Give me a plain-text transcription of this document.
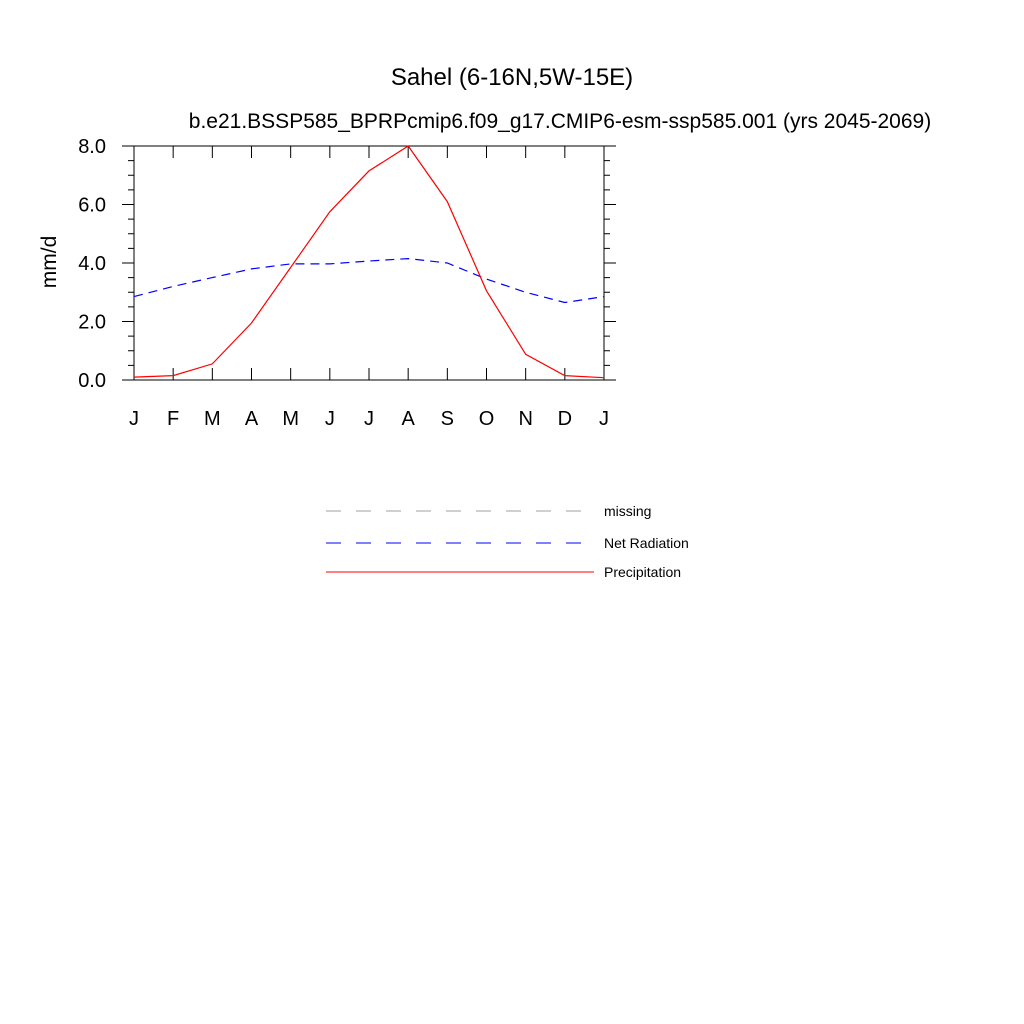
Sahel (6-16N,5W-15E)
b.e21.BSSP585_BPRPcmip6.f09_g17.CMIP6-esm-ssp585.001 (yrs 2045-2069)
mm/d
J F M A M J J A S O N D J
0.0
2.0
4.0
6.0
8.0
missing
Net Radiation
Precipitation
